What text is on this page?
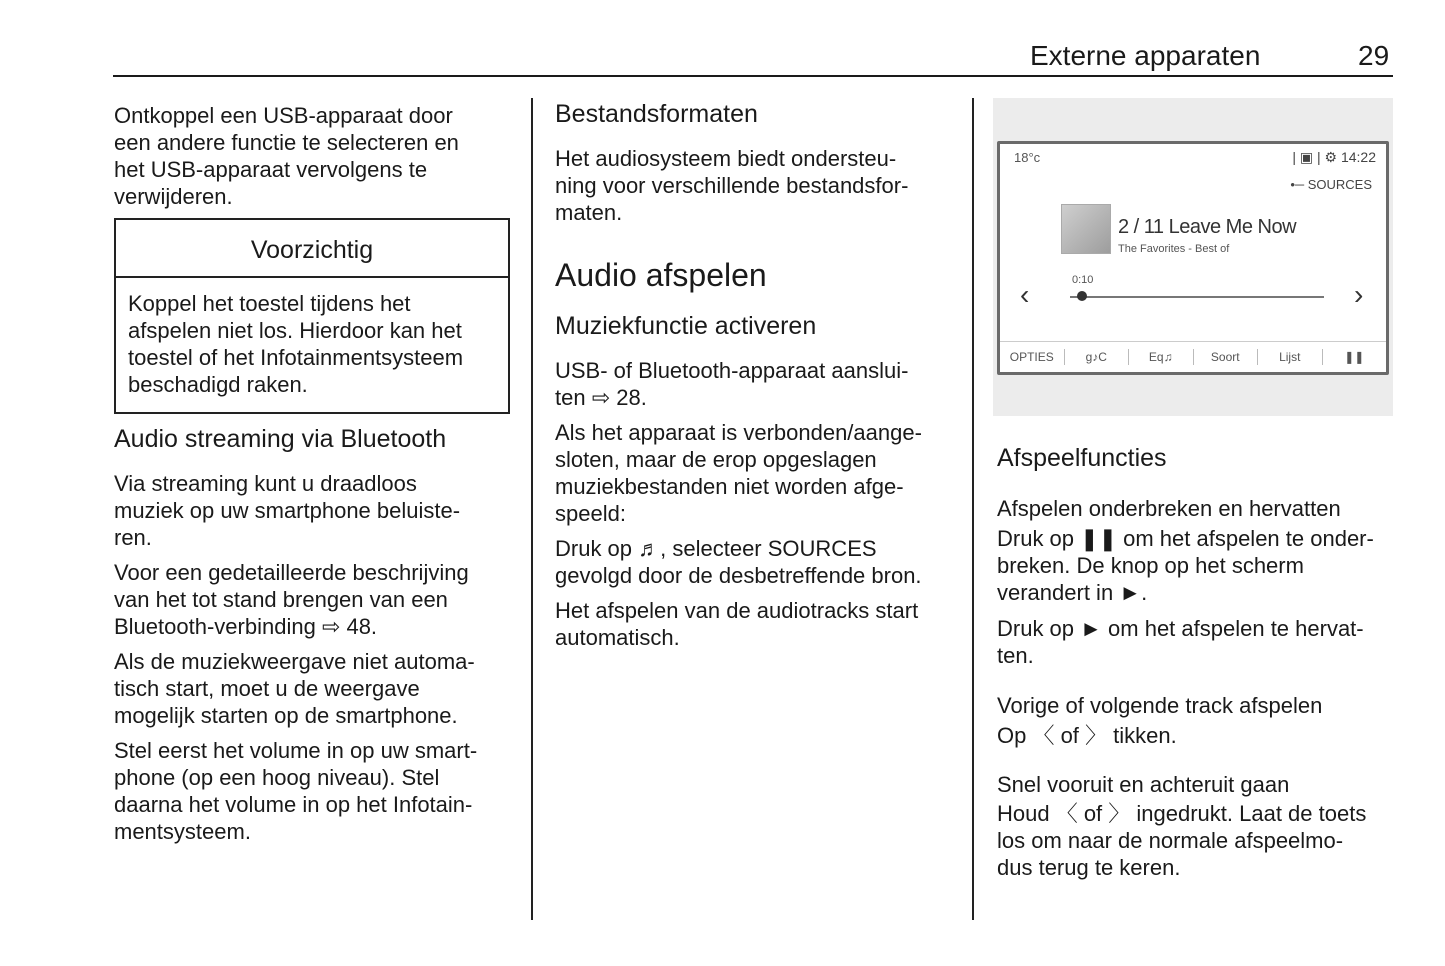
Externe apparaten	29

Ontkoppel een USB-apparaat door

een andere functie te selecteren en

het USB-apparaat vervolgens te

verwijderen.

Voorzichtig

Koppel het toestel tijdens het

afspelen niet los. Hierdoor kan het

toestel of het Infotainmentsysteem

beschadigd raken.

Audio streaming via Bluetooth

Via streaming kunt u draadloos

muziek op uw smartphone beluiste-

ren.

Voor een gedetailleerde beschrijving

van het tot stand brengen van een

Bluetooth-verbinding ⇨ 48.

Als de muziekweergave niet automa-

tisch start, moet u de weergave

mogelijk starten op de smartphone.

Stel eerst het volume in op uw smart-

phone (op een hoog niveau). Stel

daarna het volume in op het Infotain-

mentsysteem.

Bestandsformaten

Het audiosysteem biedt ondersteu-

ning voor verschillende bestandsfor-

maten.

Audio afspelen
Muziekfunctie activeren

USB- of Bluetooth-apparaat aanslui-

ten ⇨ 28.

Als het apparaat is verbonden/aange-

sloten, maar de erop opgeslagen

muziekbestanden niet worden afge-

speeld:

Druk op ♬, selecteer SOURCES

gevolgd door de desbetreffende bron.

Het afspelen van de audiotracks start

automatisch.

18°c	| ▣ | ⚙ 14:22
•─ SOURCES
2 / 11 Leave Me Now
The Favorites - Best of
0:10
‹	›
OPTIES	g♪C	Eq♫	Soort	Lijst	❚❚
Afspeelfuncties
Afspelen onderbreken en hervatten

Druk op ❚❚ om het afspelen te onder-

breken. De knop op het scherm

verandert in ►.

Druk op ► om het afspelen te hervat-

ten.

Vorige of volgende track afspelen
Op 〈 of 〉 tikken.
Snel vooruit en achteruit gaan

Houd 〈 of 〉 ingedrukt. Laat de toets

los om naar de normale afspeelmo-

dus terug te keren.
